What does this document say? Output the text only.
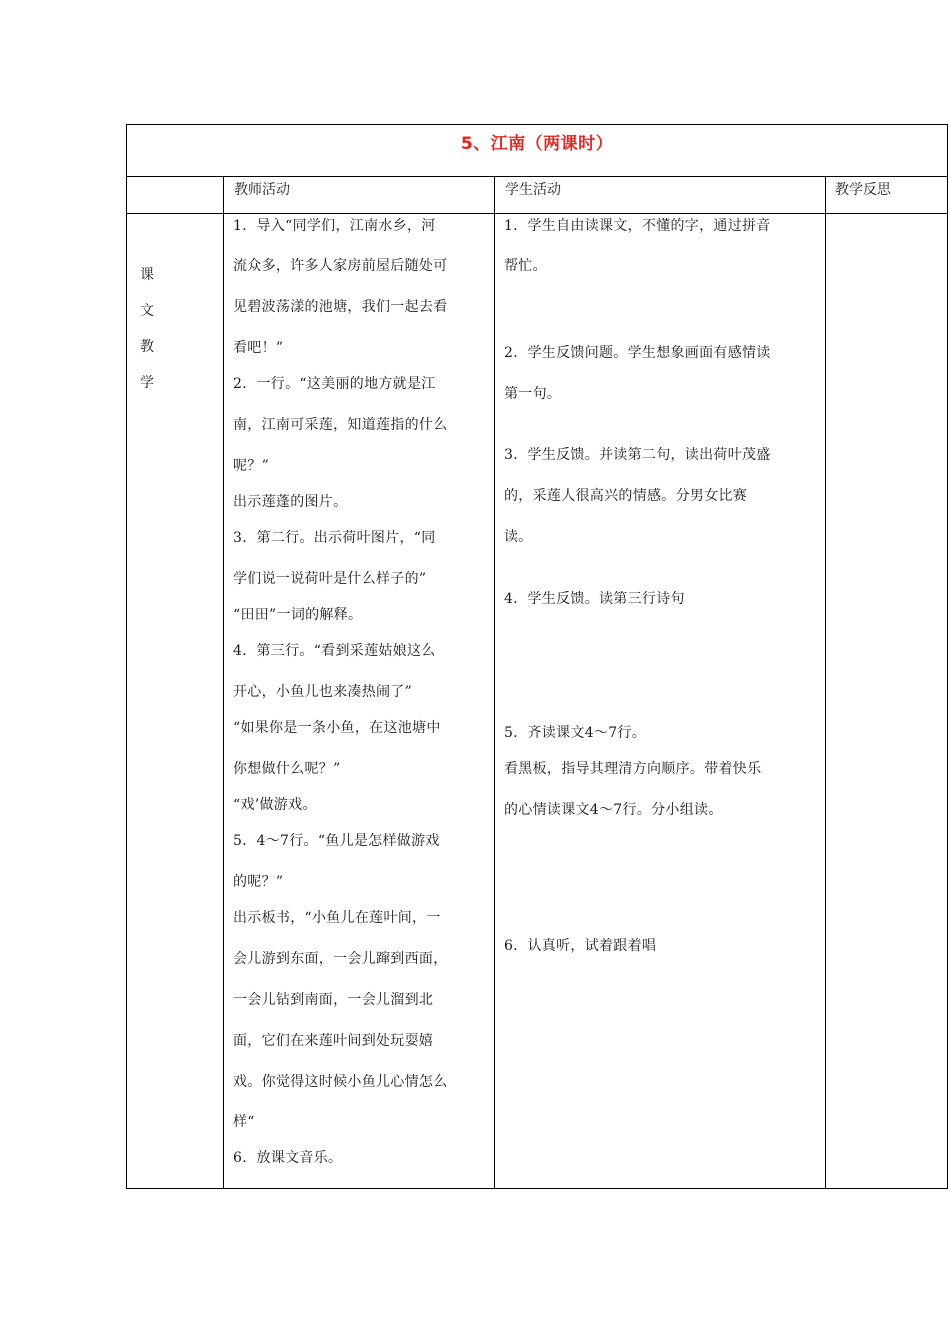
5、江南（两课时）
教师活动	学生活动	教学反思
课
文
教
学
1．导入“同学们，江南水乡，河
流众多，许多人家房前屋后随处可
见碧波荡漾的池塘，我们一起去看
看吧！”
2．一行。“这美丽的地方就是江
南，江南可采莲，知道莲指的什么
呢？”
出示莲蓬的图片。
3．第二行。出示荷叶图片，“同
学们说一说荷叶是什么样子的”
“田田”一词的解释。
4．第三行。“看到采莲姑娘这么
开心，小鱼儿也来凑热闹了”
“如果你是一条小鱼，在这池塘中
你想做什么呢？”
“戏’做游戏。
5．4～7行。“鱼儿是怎样做游戏
的呢？”
出示板书，“小鱼儿在莲叶间，一
会儿游到东面，一会儿蹿到西面，
一会儿钻到南面，一会儿溜到北
面，它们在来莲叶间到处玩耍嬉
戏。你觉得这时候小鱼儿心情怎么
样“
6．放课文音乐。
1．学生自由读课文，不懂的字，通过拼音
帮忙。
2．学生反馈问题。学生想象画面有感情读
第一句。
3．学生反馈。并读第二句，读出荷叶茂盛
的，采莲人很高兴的情感。分男女比赛
读。
4．学生反馈。读第三行诗句
5．齐读课文4～7行。
看黑板，指导其理清方向顺序。带着快乐
的心情读课文4～7行。分小组读。
6．认真听，试着跟着唱
